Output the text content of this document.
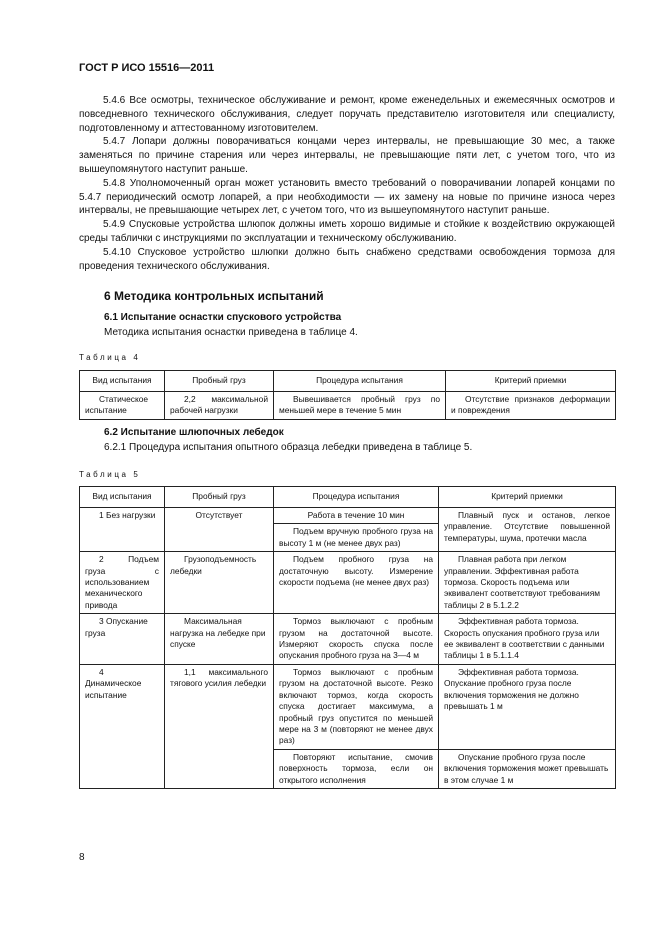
ГОСТ Р ИСО 15516—2011

5.4.6 Все осмотры, техническое обслуживание и ремонт, кроме еженедельных и ежемесячных осмотров и повседневного технического обслуживания, следует поручать представителю изготовителя или специалисту, подготовленному и аттестованному изготовителем.

5.4.7 Лопари должны поворачиваться концами через интервалы, не превышающие 30 мес, а также заменяться по причине старения или через интервалы, не превышающие пяти лет, с учетом того, что из вышеупомянутого наступит раньше.

5.4.8 Уполномоченный орган может установить вместо требований о поворачивании лопарей концами по 5.4.7 периодический осмотр лопарей, а при необходимости — их замену на новые по причине износа через интервалы, не превышающие четырех лет, с учетом того, что из вышеупомянутого наступит раньше.

5.4.9 Спусковые устройства шлюпок должны иметь хорошо видимые и стойкие к воздействию окружающей среды таблички с инструкциями по эксплуатации и техническому обслуживанию.

5.4.10 Спусковое устройство шлюпки должно быть снабжено средствами освобождения тормоза для проведения технического обслуживания.

6 Методика контрольных испытаний
6.1 Испытание оснастки спускового устройства
Методика испытания оснастки приведена в таблице 4.
Таблица 4
Вид испытания	Пробный груз	Процедура испытания	Критерий приемки
Статическое испытание	2,2 максимальной рабочей нагрузки	Вывешивается пробный груз по меньшей мере в течение 5 мин	Отсутствие признаков деформации и повреждения
6.2 Испытание шлюпочных лебедок
6.2.1 Процедура испытания опытного образца лебедки приведена в таблице 5.
Таблица 5
Вид испытания	Пробный груз	Процедура испытания	Критерий приемки
1 Без нагрузки	Отсутствует	Работа в течение 10 мин	Плавный пуск и останов, легкое управление. Отсутствие повышенной температуры, шума, протечки масла
		Подъем вручную пробного груза на высоту 1 м (не менее двух раз)	
2 Подъем груза с использованием механического привода	Грузоподъемность лебедки	Подъем пробного груза на достаточную высоту. Измерение скорости подъема (не менее двух раз)	Плавная работа при легком управлении. Эффективная работа тормоза. Скорость подъема или эквивалент соответствуют требованиям таблицы 2 в 5.1.2.2
3 Опускание груза	Максимальная нагрузка на лебедке при спуске	Тормоз выключают с пробным грузом на достаточной высоте. Измеряют скорость спуска после опускания пробного груза на 3—4 м	Эффективная работа тормоза. Скорость опускания пробного груза или ее эквивалент в соответствии с данными таблицы 1 в 5.1.1.4
4 Динамическое испытание	1,1 максимального тягового усилия лебедки	Тормоз выключают с пробным грузом на достаточной высоте. Резко включают тормоз, когда скорость спуска достигает максимума, а пробный груз опустится по меньшей мере на 3 м (повторяют не менее двух раз)	Эффективная работа тормоза. Опускание пробного груза после включения торможения не должно превышать 1 м
		Повторяют испытание, смочив поверхность тормоза, если он открытого исполнения	Опускание пробного груза после включения торможения может превышать в этом случае 1 м
8
